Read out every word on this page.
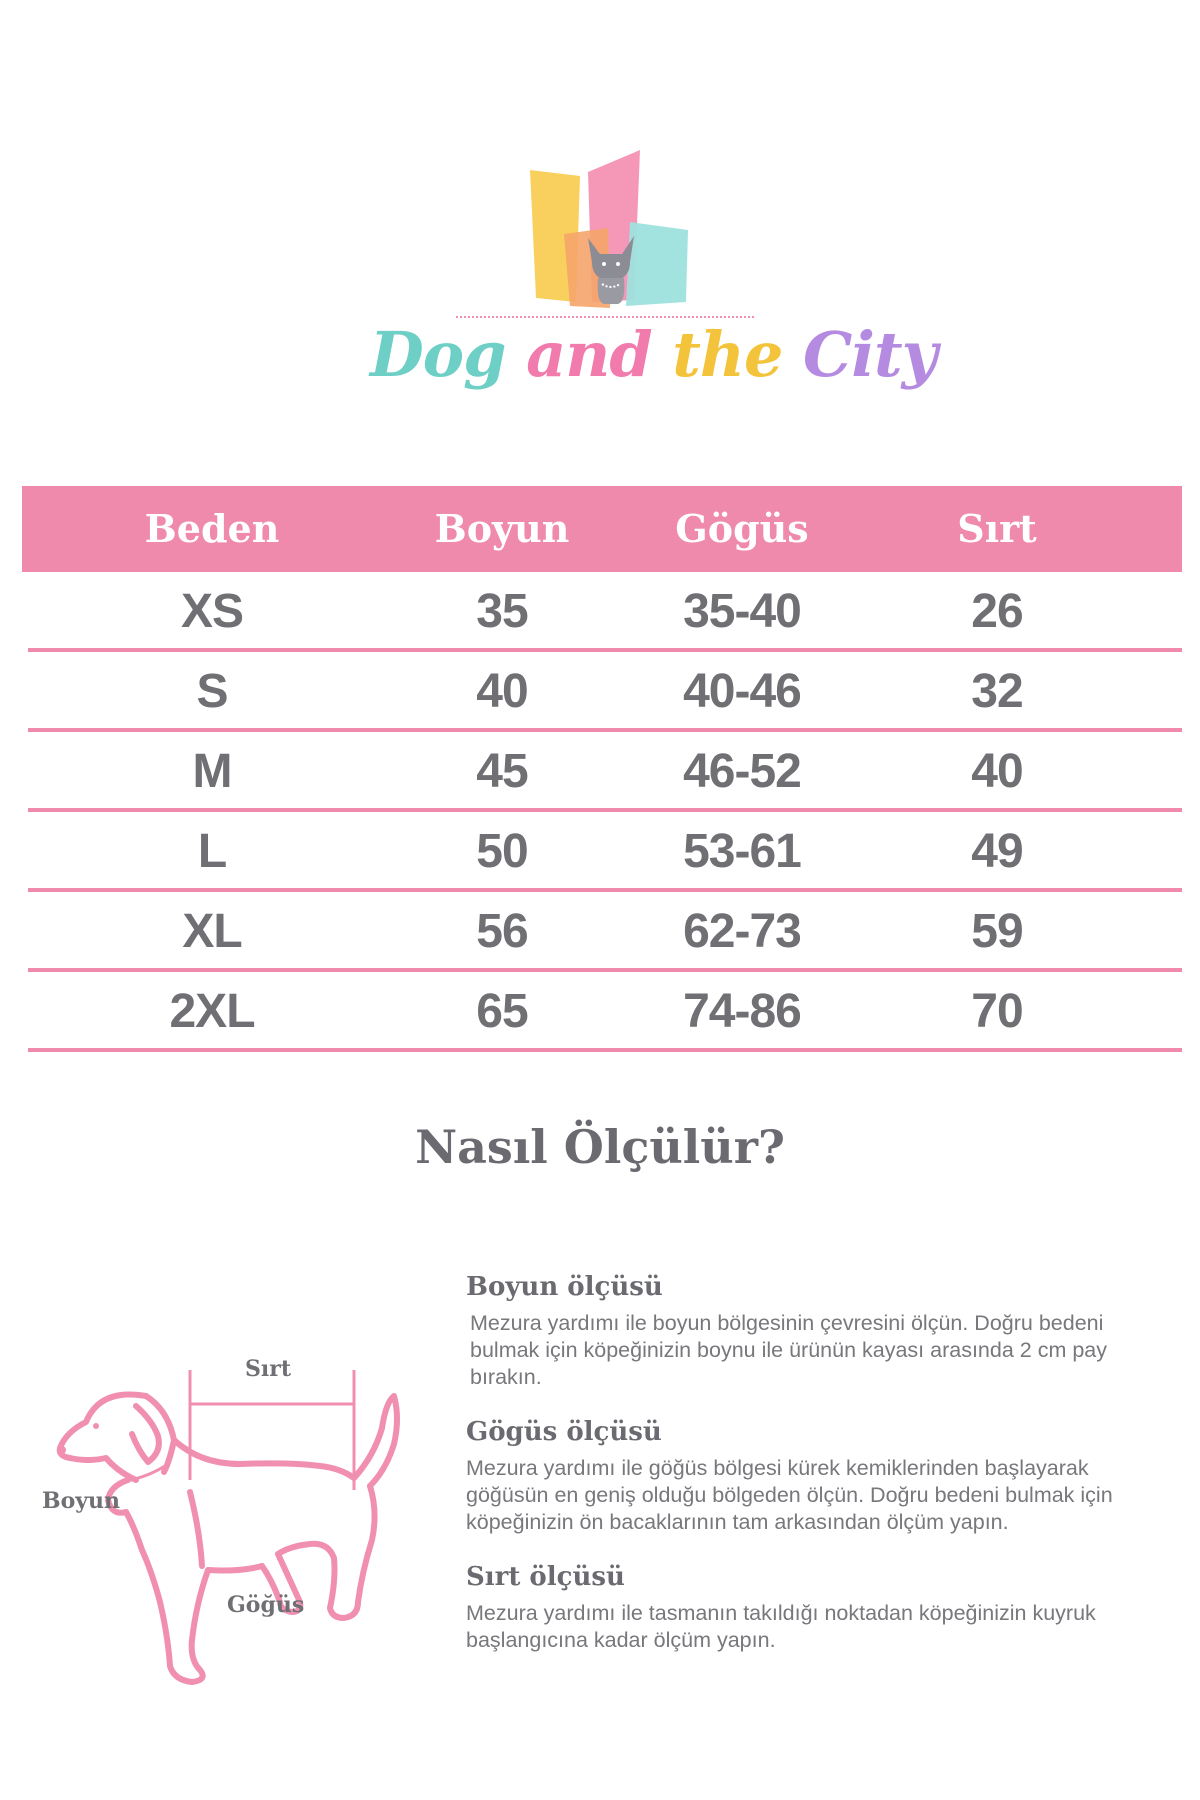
Dog and the City
Beden	Boyun	Gögüs	Sırt
XS	35	35-40	26
S	40	40-46	32
M	45	46-52	40
L	50	53-61	49
XL	56	62-73	59
2XL	65	74-86	70
Nasıl Ölçülür?
Sırt
Boyun
Göğüs
Boyun ölçüsü

Mezura yardımı ile boyun bölgesinin çevresini ölçün. Doğru bedeni bulmak için köpeğinizin boynu ile ürünün kayası arasında 2 cm pay bırakın.

Gögüs ölçüsü

Mezura yardımı ile göğüs bölgesi kürek kemiklerinden başlayarak göğüsün en geniş olduğu bölgeden ölçün. Doğru bedeni bulmak için köpeğinizin ön bacaklarının tam arkasından ölçüm yapın.

Sırt ölçüsü

Mezura yardımı ile tasmanın takıldığı noktadan köpeğinizin kuyruk başlangıcına kadar ölçüm yapın.
